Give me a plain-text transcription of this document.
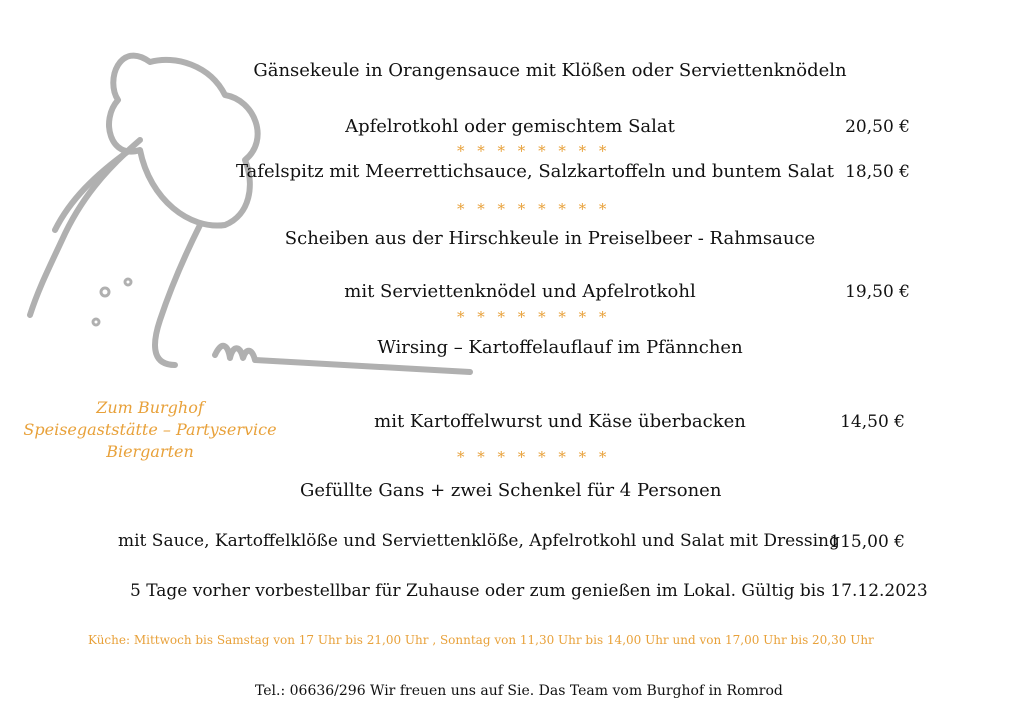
Zum Burghof
Speisegaststätte – Partyservice
Biergarten
Gänsekeule in Orangensauce mit Klößen oder Serviettenknödeln
Apfelrotkohl oder gemischtem Salat	20,50 €
* * * * * * * *
Tafelspitz mit Meerrettichsauce, Salzkartoffeln und buntem Salat 18,50 €
* * * * * * * *
Scheiben aus der Hirschkeule in Preiselbeer - Rahmsauce
mit Serviettenknödel und Apfelrotkohl	19,50 €
* * * * * * * *
Wirsing – Kartoffelauflauf im Pfännchen
mit Kartoffelwurst und Käse überbacken	14,50 €
* * * * * * * *
Gefüllte Gans + zwei Schenkel für 4 Personen
mit Sauce, Kartoffelklöße und Serviettenklöße, Apfelrotkohl und Salat mit Dressing
115,00 €
5 Tage vorher vorbestellbar für Zuhause oder zum genießen im Lokal. Gültig bis 17.12.2023
Küche: Mittwoch bis Samstag von 17 Uhr bis 21,00 Uhr , Sonntag von 11,30 Uhr bis 14,00 Uhr und von 17,00 Uhr bis 20,30 Uhr
Tel.: 06636/296 Wir freuen uns auf Sie. Das Team vom Burghof in Romrod
